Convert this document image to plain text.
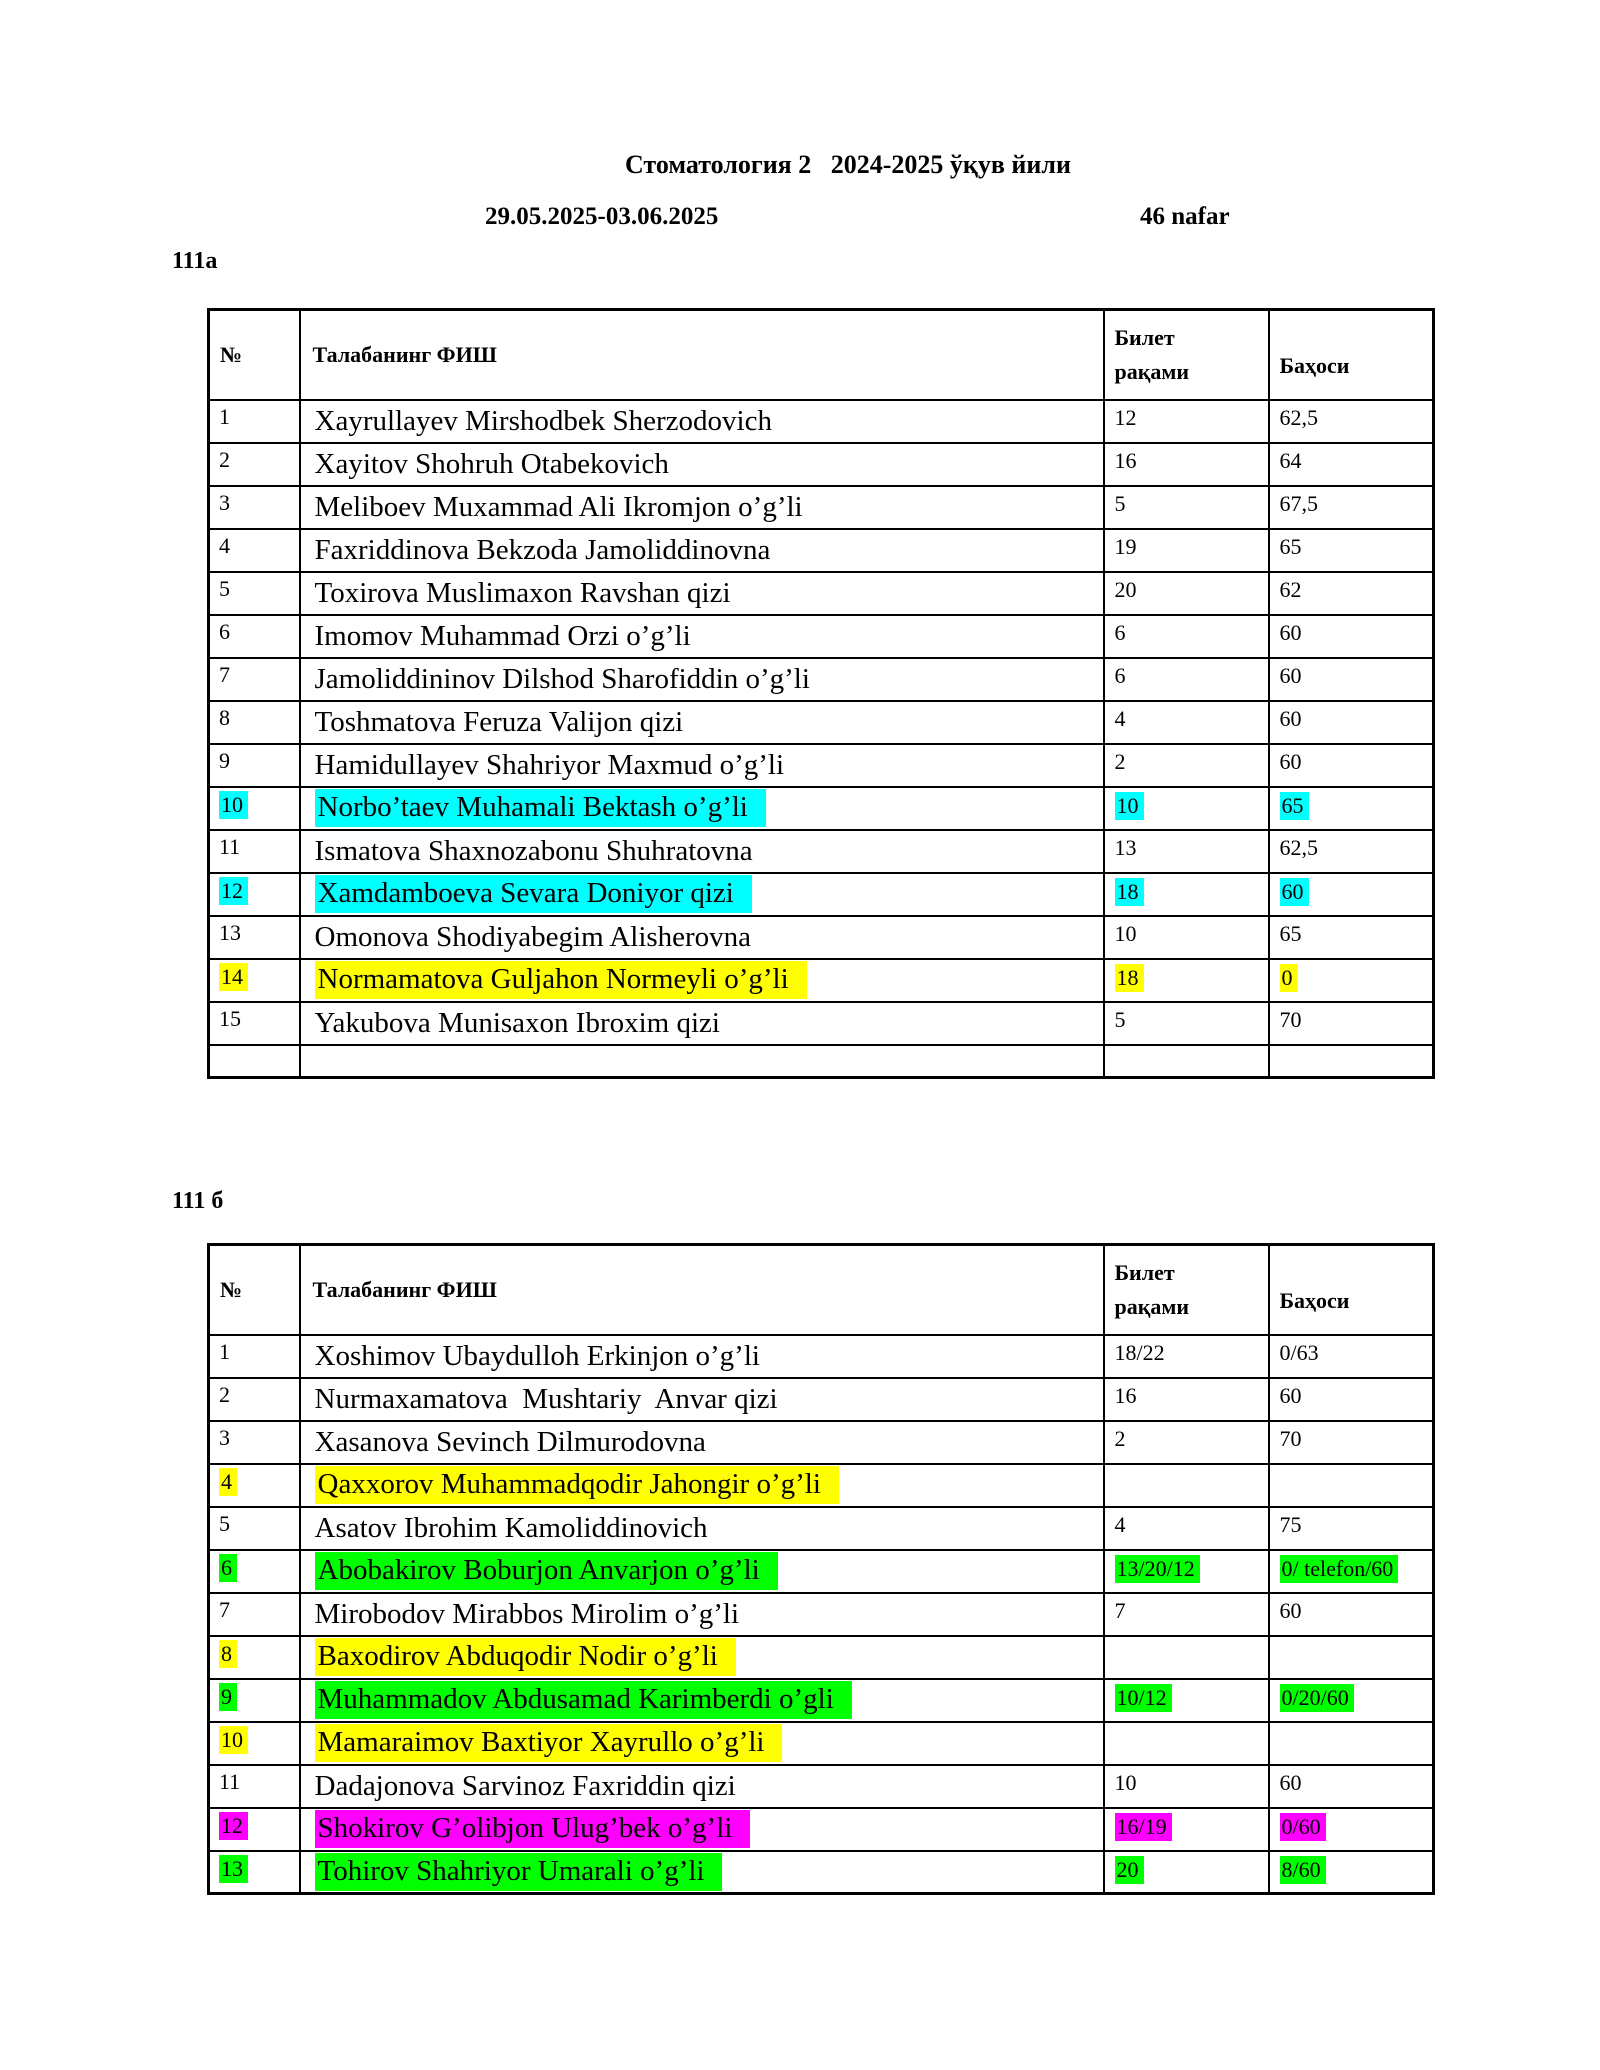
Стоматология 2   2024-2025 ўқув йили
29.05.2025-03.06.2025	46 nafar
111a
№	Талабанинг ФИШ	Билет рақами	Баҳоси
1	Xayrullayev Mirshodbek Sherzodovich	12	62,5
2	Xayitov Shohruh Otabekovich	16	64
3	Meliboev Muxammad Ali Ikromjon o’g’li	5	67,5
4	Faxriddinova Bekzoda Jamoliddinovna	19	65
5	Toxirova Muslimaxon Ravshan qizi	20	62
6	Imomov Muhammad Orzi o’g’li	6	60
7	Jamoliddininov Dilshod Sharofiddin o’g’li	6	60
8	Toshmatova Feruza Valijon qizi	4	60
9	Hamidullayev Shahriyor Maxmud o’g’li	2	60
10	Norbo’taev Muhamali Bektash o’g’li	10	65
11	Ismatova Shaxnozabonu Shuhratovna	13	62,5
12	Xamdamboeva Sevara Doniyor qizi	18	60
13	Omonova Shodiyabegim Alisherovna	10	65
14	Normamatova Guljahon Normeyli o’g’li	18	0
15	Yakubova Munisaxon Ibroxim qizi	5	70

111 б
№	Талабанинг ФИШ	Билет рақами	Баҳоси
1	Xoshimov Ubaydulloh Erkinjon o’g’li	18/22	0/63
2	Nurmaxamatova  Mushtariy  Anvar qizi	16	60
3	Xasanova Sevinch Dilmurodovna	2	70
4	Qaxxorov Muhammadqodir Jahongir o’g’li		
5	Asatov Ibrohim Kamoliddinovich	4	75
6	Abobakirov Boburjon Anvarjon o’g’li	13/20/12	0/ telefon/60
7	Mirobodov Mirabbos Mirolim o’g’li	7	60
8	Baxodirov Abduqodir Nodir o’g’li		
9	Muhammadov Abdusamad Karimberdi o’gli	10/12	0/20/60
10	Mamaraimov Baxtiyor Xayrullo o’g’li		
11	Dadajonova Sarvinoz Faxriddin qizi	10	60
12	Shokirov G’olibjon Ulug’bek o’g’li	16/19	0/60
13	Tohirov Shahriyor Umarali o’g’li	20	8/60
